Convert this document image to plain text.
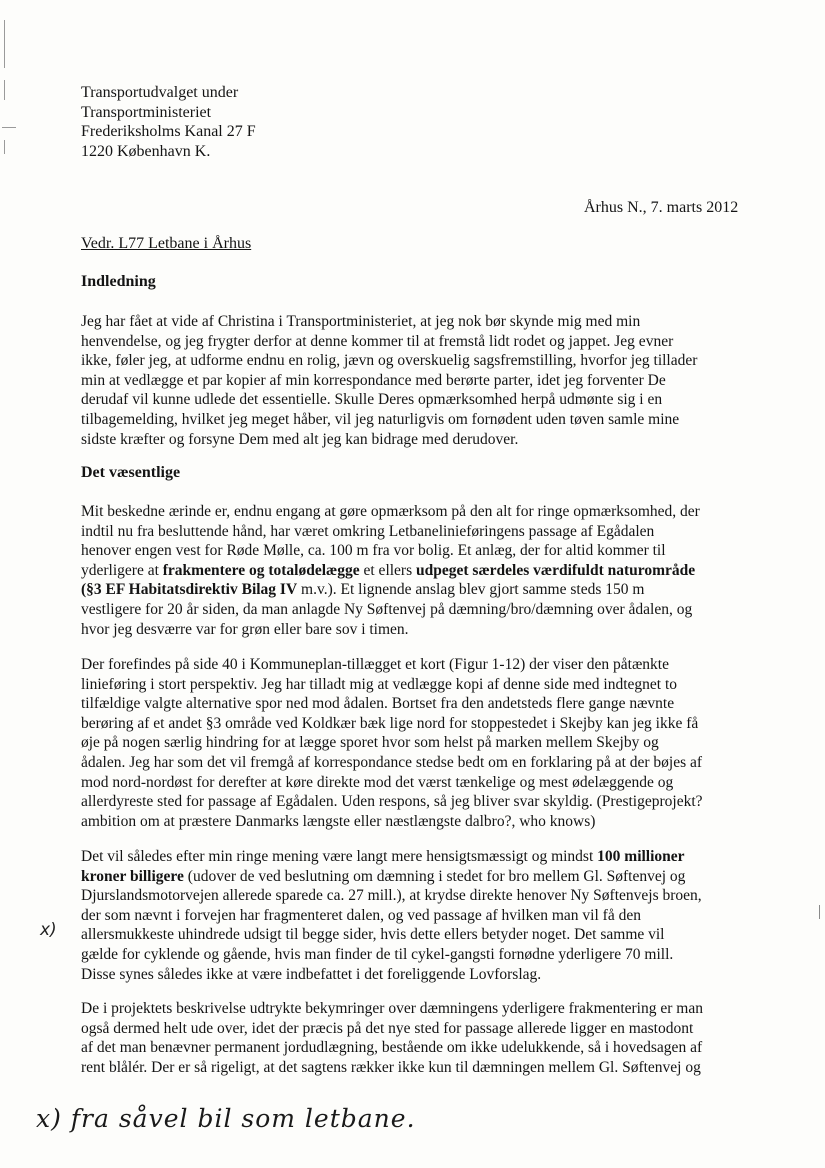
Transportudvalget under
Transportministeriet
Frederiksholms Kanal 27 F
1220 København K.
Århus N., 7. marts 2012
Vedr. L77 Letbane i Århus
Indledning
Jeg har fået at vide af Christina i Transportministeriet, at jeg nok bør skynde mig med min
henvendelse, og jeg frygter derfor at denne kommer til at fremstå lidt rodet og jappet. Jeg evner
ikke, føler jeg, at udforme endnu en rolig, jævn og overskuelig sagsfremstilling, hvorfor jeg tillader
min at vedlægge et par kopier af min korrespondance med berørte parter, idet jeg forventer De
derudaf vil kunne udlede det essentielle. Skulle Deres opmærksomhed herpå udmønte sig i en
tilbagemelding, hvilket jeg meget håber, vil jeg naturligvis om fornødent uden tøven samle mine
sidste kræfter og forsyne Dem med alt jeg kan bidrage med derudover.
Det væsentlige
Mit beskedne ærinde er, endnu engang at gøre opmærksom på den alt for ringe opmærksomhed, der
indtil nu fra besluttende hånd, har været omkring Letbanelinieføringens passage af Egådalen
henover engen vest for Røde Mølle, ca. 100 m fra vor bolig. Et anlæg, der for altid kommer til
yderligere at frakmentere og totalødelægge et ellers udpeget særdeles værdifuldt naturområde
(§3 EF Habitatsdirektiv Bilag IV m.v.). Et lignende anslag blev gjort samme steds 150 m
vestligere for 20 år siden, da man anlagde Ny Søftenvej på dæmning/bro/dæmning over ådalen, og
hvor jeg desværre var for grøn eller bare sov i timen.
Der forefindes på side 40 i Kommuneplan-tillægget et kort (Figur 1-12) der viser den påtænkte
linieføring i stort perspektiv. Jeg har tilladt mig at vedlægge kopi af denne side med indtegnet to
tilfældige valgte alternative spor ned mod ådalen. Bortset fra den andetsteds flere gange nævnte
berøring af et andet §3 område ved Koldkær bæk lige nord for stoppestedet i Skejby kan jeg ikke få
øje på nogen særlig hindring for at lægge sporet hvor som helst på marken mellem Skejby og
ådalen. Jeg har som det vil fremgå af korrespondance stedse bedt om en forklaring på at der bøjes af
mod nord-nordøst for derefter at køre direkte mod det værst tænkelige og mest ødelæggende og
allerdyreste sted for passage af Egådalen. Uden respons, så jeg bliver svar skyldig. (Prestigeprojekt?
ambition om at præstere Danmarks længste eller næstlængste dalbro?, who knows)
Det vil således efter min ringe mening være langt mere hensigtsmæssigt og mindst 100 millioner
kroner billigere (udover de ved beslutning om dæmning i stedet for bro mellem Gl. Søftenvej og
Djurslandsmotorvejen allerede sparede ca. 27 mill.), at krydse direkte henover Ny Søftenvejs broen,
der som nævnt i forvejen har fragmenteret dalen, og ved passage af hvilken man vil få den
allersmukkeste uhindrede udsigt til begge sider, hvis dette ellers betyder noget. Det samme vil
gælde for cyklende og gående, hvis man finder de til cykel-gangsti fornødne yderligere 70 mill.
Disse synes således ikke at være indbefattet i det foreliggende Lovforslag.
x)
De i projektets beskrivelse udtrykte bekymringer over dæmningens yderligere frakmentering er man
også dermed helt ude over, idet der præcis på det nye sted for passage allerede ligger en mastodont
af det man benævner permanent jordudlægning, bestående om ikke udelukkende, så i hovedsagen af
rent blålér. Der er så rigeligt, at det sagtens rækker ikke kun til dæmningen mellem Gl. Søftenvej og
x) fra såvel bil som letbane.
